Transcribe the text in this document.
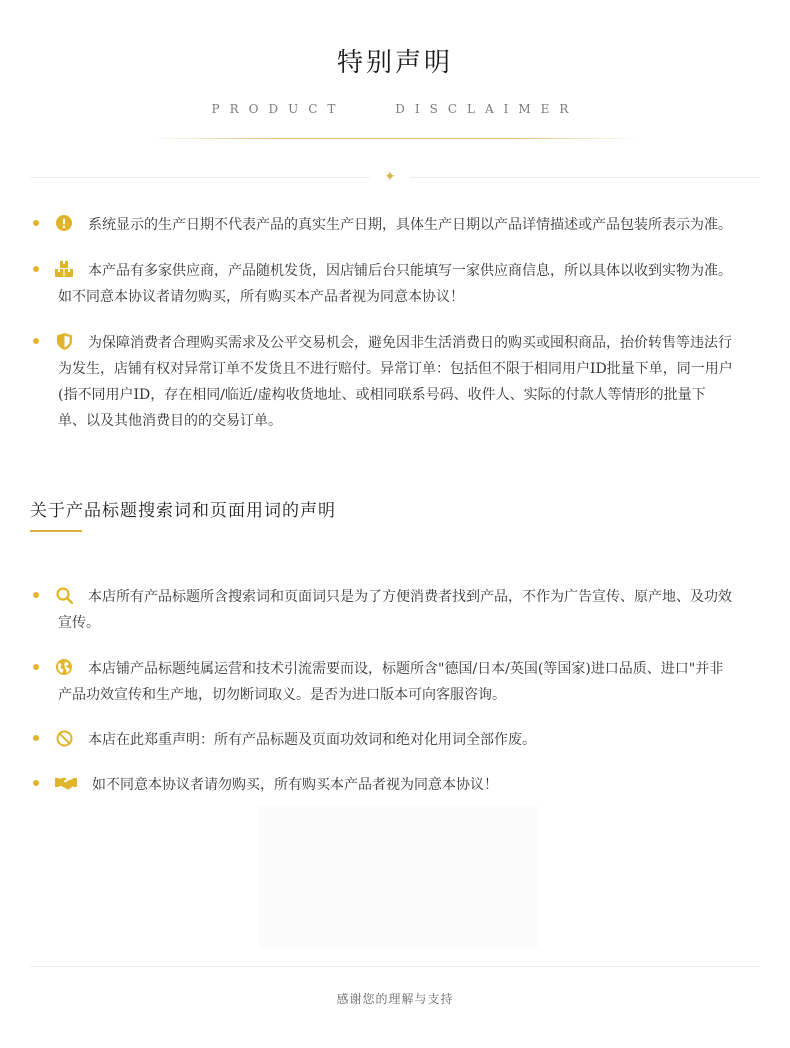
特别声明
PRODUCT	DISCLAIMER
✦

系统显示的生产日期不代表产品的真实生产日期，具体生产日期以产品详情描述或产品包装所表示为准。

本产品有多家供应商，产品随机发货，因店铺后台只能填写一家供应商信息，所以具体以收到实物为准。

如不同意本协议者请勿购买，所有购买本产品者视为同意本协议！

为保障消费者合理购买需求及公平交易机会，避免因非生活消费日的购买或囤积商品，抬价转售等违法行

为发生，店铺有权对异常订单不发货且不进行赔付。异常订单：包括但不限于相同用户ID批量下单，同一用户

(指不同用户ID，存在相同/临近/虚构收货地址、或相同联系号码、收件人、实际的付款人等情形的批量下

单、以及其他消费目的的交易订单。

关于产品标题搜索词和页面用词的声明

本店所有产品标题所含搜索词和页面词只是为了方便消费者找到产品，不作为广告宣传、原产地、及功效

宣传。

本店铺产品标题纯属运营和技术引流需要而设，标题所含"德国/日本/英国(等国家)进口品质、进口"并非

产品功效宣传和生产地，切勿断词取义。是否为进口版本可向客服咨询。

本店在此郑重声明：所有产品标题及页面功效词和绝对化用词全部作废。

如不同意本协议者请勿购买，所有购买本产品者视为同意本协议！

感谢您的理解与支持
